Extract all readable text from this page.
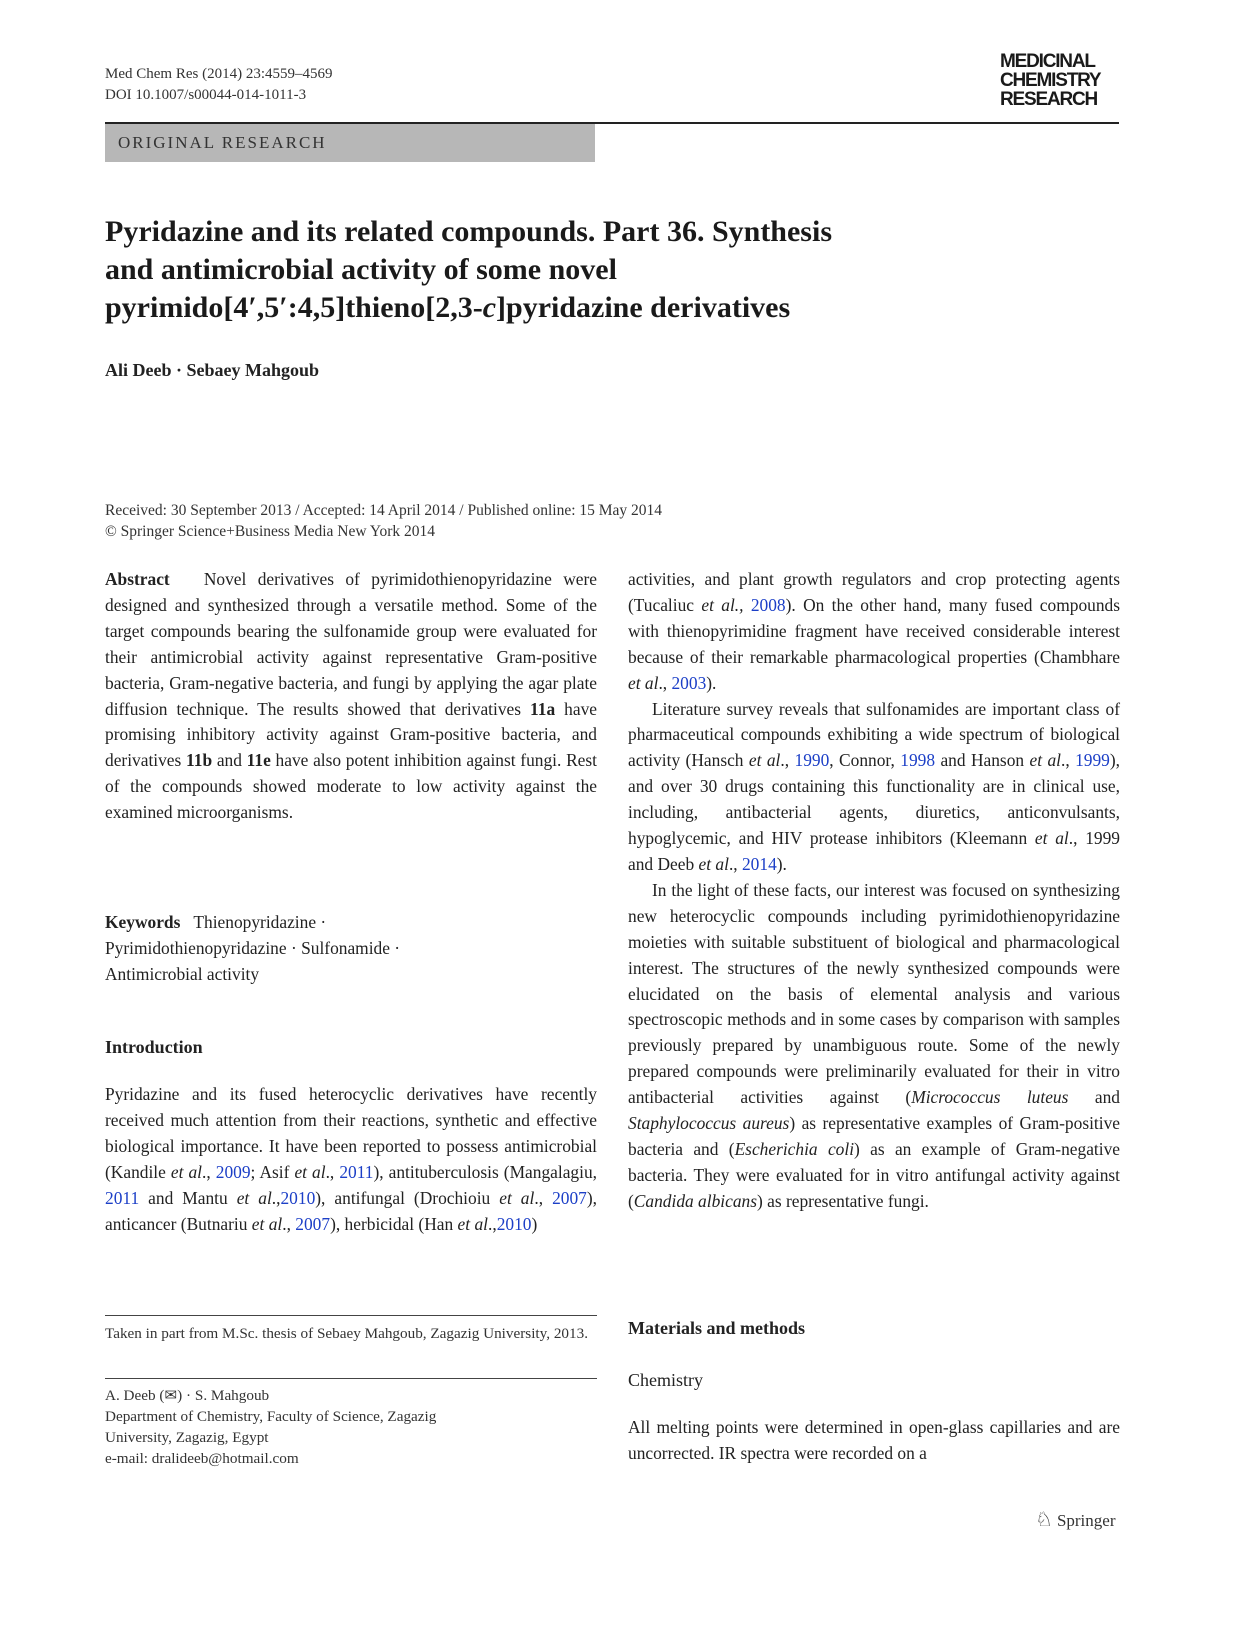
Med Chem Res (2014) 23:4559–4569
DOI 10.1007/s00044-014-1011-3
MEDICINAL
CHEMISTRY
RESEARCH
ORIGINAL RESEARCH
Pyridazine and its related compounds. Part 36. Synthesis
and antimicrobial activity of some novel
pyrimido[4′,5′:4,5]thieno[2,3-c]pyridazine derivatives
Ali Deeb · Sebaey Mahgoub
Received: 30 September 2013 / Accepted: 14 April 2014 / Published online: 15 May 2014
© Springer Science+Business Media New York 2014

Abstract Novel derivatives of pyrimidothienopyridazine were designed and synthesized through a versatile method. Some of the target compounds bearing the sulfonamide group were evaluated for their antimicrobial activity against representative Gram-positive bacteria, Gram-negative bacteria, and fungi by applying the agar plate diffusion technique. The results showed that derivatives 11a have promising inhibitory activity against Gram-positive bacteria, and derivatives 11b and 11e have also potent inhibition against fungi. Rest of the compounds showed moderate to low activity against the examined microorganisms.

Keywords Thienopyridazine ·
Pyrimidothienopyridazine · Sulfonamide ·
Antimicrobial activity
Introduction

Pyridazine and its fused heterocyclic derivatives have recently received much attention from their reactions, synthetic and effective biological importance. It have been reported to possess antimicrobial (Kandile et al., 2009; Asif et al., 2011), antituberculosis (Mangalagiu, 2011 and Mantu et al.,2010), antifungal (Drochioiu et al., 2007), anticancer (Butnariu et al., 2007), herbicidal (Han et al.,2010)

Taken in part from M.Sc. thesis of Sebaey Mahgoub, Zagazig University, 2013.
A. Deeb (✉) · S. Mahgoub
Department of Chemistry, Faculty of Science, Zagazig
University, Zagazig, Egypt
e-mail: dralideeb@hotmail.com

activities, and plant growth regulators and crop protecting agents (Tucaliuc et al., 2008). On the other hand, many fused compounds with thienopyrimidine fragment have received considerable interest because of their remarkable pharmacological properties (Chambhare et al., 2003).

Literature survey reveals that sulfonamides are important class of pharmaceutical compounds exhibiting a wide spectrum of biological activity (Hansch et al., 1990, Connor, 1998 and Hanson et al., 1999), and over 30 drugs containing this functionality are in clinical use, including, antibacterial agents, diuretics, anticonvulsants, hypoglycemic, and HIV protease inhibitors (Kleemann et al., 1999 and Deeb et al., 2014).

In the light of these facts, our interest was focused on synthesizing new heterocyclic compounds including pyrimidothienopyridazine moieties with suitable substituent of biological and pharmacological interest. The structures of the newly synthesized compounds were elucidated on the basis of elemental analysis and various spectroscopic methods and in some cases by comparison with samples previously prepared by unambiguous route. Some of the newly prepared compounds were preliminarily evaluated for their in vitro antibacterial activities against (Micrococcus luteus and Staphylococcus aureus) as representative examples of Gram-positive bacteria and (Escherichia coli) as an example of Gram-negative bacteria. They were evaluated for in vitro antifungal activity against (Candida albicans) as representative fungi.

Materials and methods
Chemistry

All melting points were determined in open-glass capillaries and are uncorrected. IR spectra were recorded on a

♘ Springer
